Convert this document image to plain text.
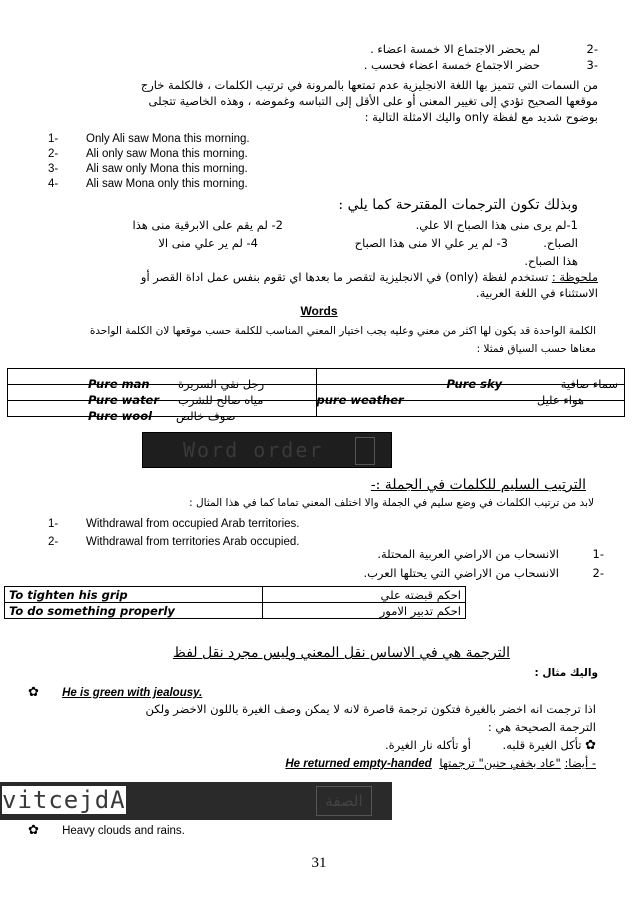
-2
لم يحضر الاجتماع الا خمسة اعضاء .
-3
حضر الاجتماع خمسة اعضاء فحسب .
من السمات التي تتميز بها اللغة الانجليزية عدم تمتعها بالمرونة في ترتيب الكلمات ، فالكلمة خارج
موقعها الصحيح تؤدي إلى تغيير المعنى أو على الأقل إلى التباسه وغموضه ، وهذه الخاصية تتجلى
بوضوح شديد مع لفظة only واليك الامثلة التالية :
1- Only Ali saw Mona this morning.
2- Ali only saw Mona this morning.
3- Ali saw only Mona this morning.
4- Ali saw Mona only this morning.
وبذلك تكون الترجمات المقترحة كما يلي :
1-لم يرى منى هذا الصباح الا علي.
2- لم يقم على الابرقية منى هذا
الصباح.
3- لم ير علي الا منى هذا الصباح
4- لم ير علي منى الا
هذا الصباح.
ملحوظة : تستخدم لفظة (only) في الانجليزية لتقصر ما بعدها اي تقوم بنفس عمل اداة القصر أو
الاستثناء في اللغة العربية.
Words
الكلمة الواحدة قد يكون لها اكثر من معني وعليه يجب اختيار المعني المناسب للكلمة حسب موقعها لان الكلمة الواحدة
معناها حسب السياق فمثلا :
Pure man رجل نقي السريرة	Pure sky سماء صافية

Pure water مياه صالح للشرب	pure weather هواء عليل

Pure wool صوف خالص	

Word order
الترتيب السليم للكلمات في الجملة :-
لابد من ترتيب الكلمات في وضع سليم في الجملة والا اختلف المعني تماما كما في هذا المثال :
1- Withdrawal from occupied Arab territories.
2- Withdrawal from territories Arab occupied.
-1
الانسحاب من الاراضي العربية المحتلة.
-2
الانسحاب من الاراضي التي يحتلها العرب.
To tighten his grip	احكم قبضته علي
To do something properly	احكم تدبير الامور
الترجمة هي في الاساس نقل المعني وليس مجرد نقل لفظ
واليك مثال :
✿ He is green with jealousy.
اذا ترجمت انه اخضر بالغيرة فتكون ترجمة قاصرة لانه لا يمكن وصف الغيرة باللون الاخضر ولكن
الترجمة الصحيحة هي :
✿ تأكل الغيرة قلبه. أو تأكله نار الغيرة.
- أيضا: "عاد بخفي حنين" ترجمتها He returned empty-handed
vitcejdA	الصفة
✿ Heavy clouds and rains.
31
